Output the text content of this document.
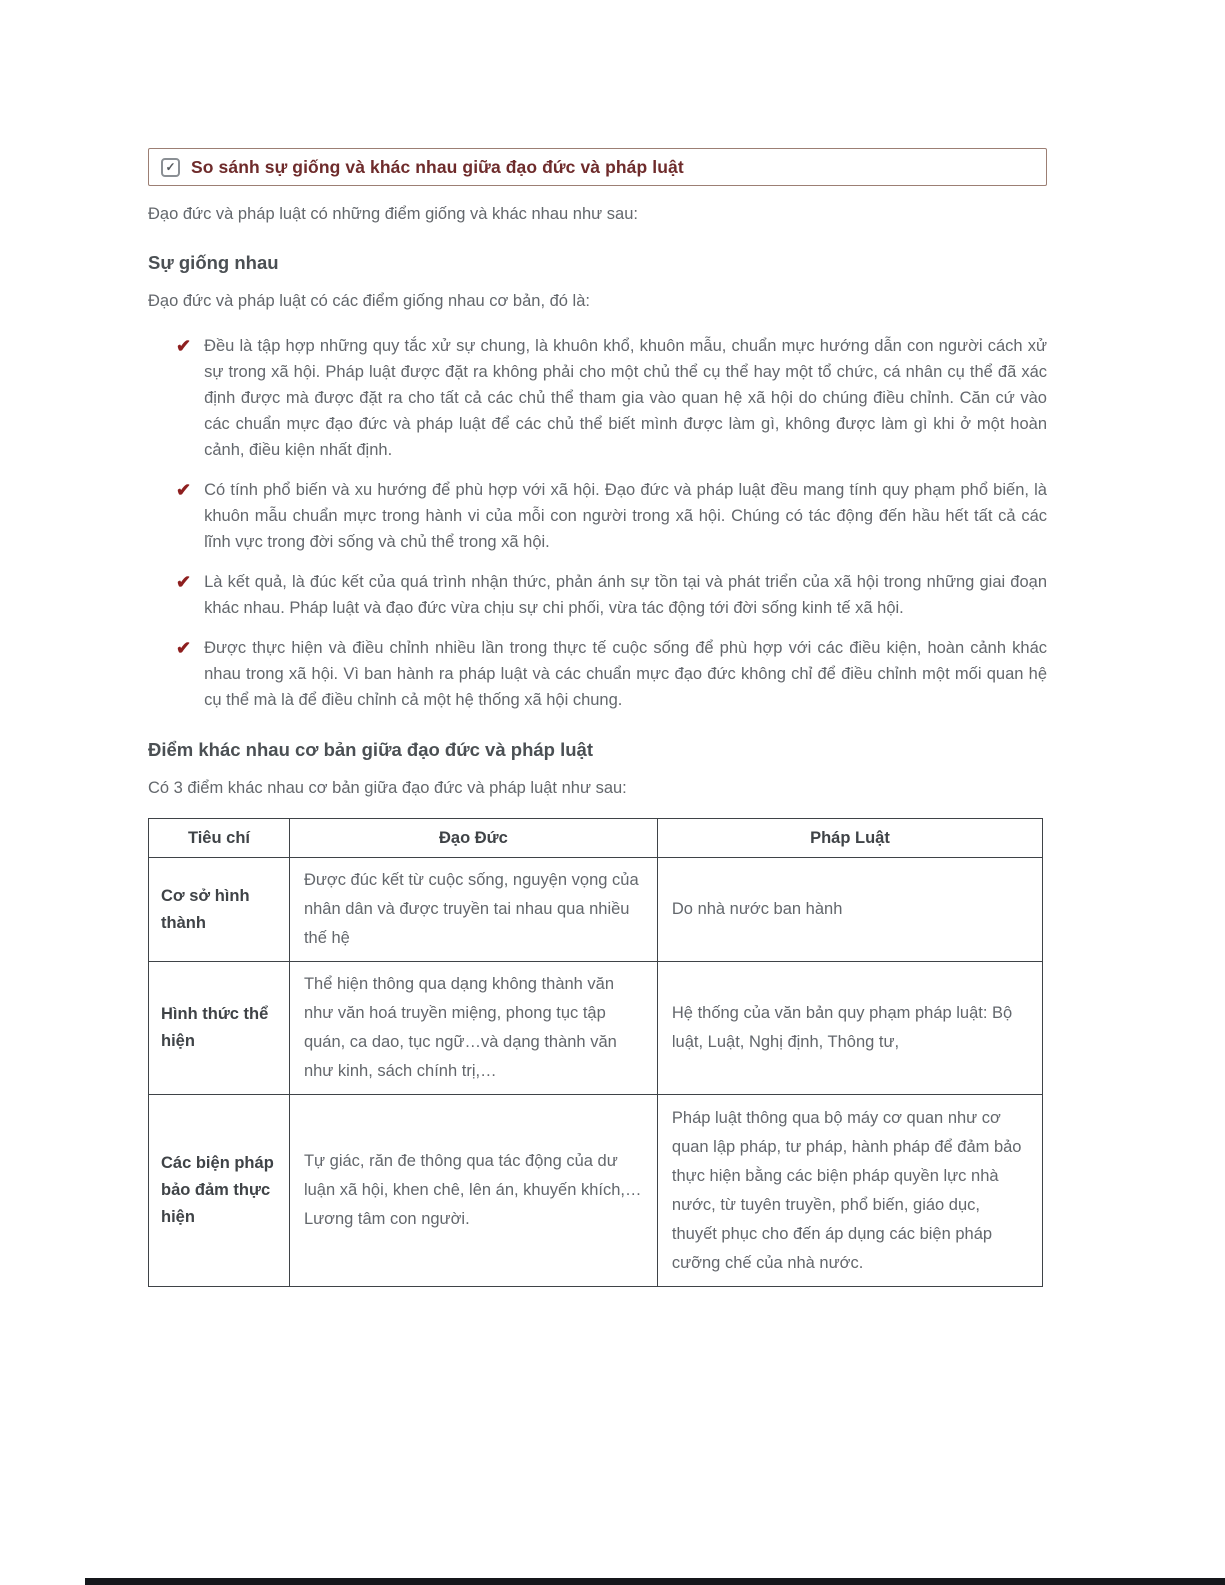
✓ So sánh sự giống và khác nhau giữa đạo đức và pháp luật

Đạo đức và pháp luật có những điểm giống và khác nhau như sau:

Sự giống nhau

Đạo đức và pháp luật có các điểm giống nhau cơ bản, đó là:

✔ Đều là tập hợp những quy tắc xử sự chung, là khuôn khổ, khuôn mẫu, chuẩn mực hướng dẫn con người cách xử sự trong xã hội. Pháp luật được đặt ra không phải cho một chủ thể cụ thể hay một tổ chức, cá nhân cụ thể đã xác định được mà được đặt ra cho tất cả các chủ thể tham gia vào quan hệ xã hội do chúng điều chỉnh. Căn cứ vào các chuẩn mực đạo đức và pháp luật để các chủ thể biết mình được làm gì, không được làm gì khi ở một hoàn cảnh, điều kiện nhất định.
✔ Có tính phổ biến và xu hướng để phù hợp với xã hội. Đạo đức và pháp luật đều mang tính quy phạm phổ biến, là khuôn mẫu chuẩn mực trong hành vi của mỗi con người trong xã hội. Chúng có tác động đến hầu hết tất cả các lĩnh vực trong đời sống và chủ thể trong xã hội.
✔ Là kết quả, là đúc kết của quá trình nhận thức, phản ánh sự tồn tại và phát triển của xã hội trong những giai đoạn khác nhau. Pháp luật và đạo đức vừa chịu sự chi phối, vừa tác động tới đời sống kinh tế xã hội.
✔ Được thực hiện và điều chỉnh nhiều lần trong thực tế cuộc sống để phù hợp với các điều kiện, hoàn cảnh khác nhau trong xã hội. Vì ban hành ra pháp luật và các chuẩn mực đạo đức không chỉ để điều chỉnh một mối quan hệ cụ thể mà là để điều chỉnh cả một hệ thống xã hội chung.
Điểm khác nhau cơ bản giữa đạo đức và pháp luật

Có 3 điểm khác nhau cơ bản giữa đạo đức và pháp luật như sau:

Tiêu chí	Đạo Đức	Pháp Luật
Cơ sở hình thành	Được đúc kết từ cuộc sống, nguyện vọng của nhân dân và được truyền tai nhau qua nhiều thế hệ	Do nhà nước ban hành
Hình thức thể hiện	Thể hiện thông qua dạng không thành văn như văn hoá truyền miệng, phong tục tập quán, ca dao, tục ngữ…và dạng thành văn như kinh, sách chính trị,…	Hệ thống của văn bản quy phạm pháp luật: Bộ luật, Luật, Nghị định, Thông tư,
Các biện pháp bảo đảm thực hiện	Tự giác, răn đe thông qua tác động của dư luận xã hội, khen chê, lên án, khuyến khích,… Lương tâm con người.	Pháp luật thông qua bộ máy cơ quan như cơ quan lập pháp, tư pháp, hành pháp để đảm bảo thực hiện bằng các biện pháp quyền lực nhà nước, từ tuyên truyền, phổ biến, giáo dục, thuyết phục cho đến áp dụng các biện pháp cưỡng chế của nhà nước.
